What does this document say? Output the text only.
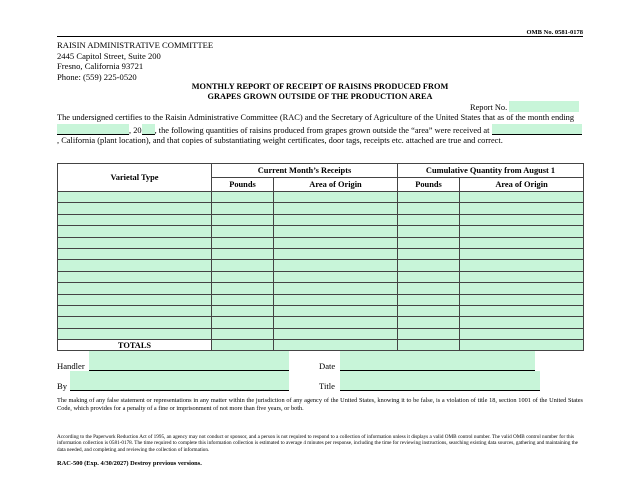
OMB No. 0581-0178
RAISIN ADMINISTRATIVE COMMITTEE
2445 Capitol Street, Suite 200
Fresno, California 93721
Phone: (559) 225-0520
MONTHLY REPORT OF RECEIPT OF RAISINS PRODUCED FROM
GRAPES GROWN OUTSIDE OF THE PRODUCTION AREA
Report No.
The undersigned certifies to the Raisin Administrative Committee (RAC) and the Secretary of Agriculture of the United States that as of the month ending , 20 , the following quantities of raisins produced from grapes grown outside the “area” were received at , California (plant location), and that copies of substantiating weight certificates, door tags, receipts etc. attached are true and correct.
Varietal Type	Current Month’s Receipts		Cumulative Quantity from August 1	
	Pounds	Area of Origin	Pounds	Area of Origin

TOTALS				
Handler	Date
By	Title
The making of any false statement or representations in any matter within the jurisdiction of any agency of the United States, knowing it to be false, is a violation of title 18, section 1001 of the United States Code, which provides for a penalty of a fine or imprisonment of not more than five years, or both.
According to the Paperwork Reduction Act of 1995, an agency may not conduct or sponsor, and a person is not required to respond to a collection of information unless it displays a valid OMB control number. The valid OMB control number for this information collection is 0581-0178. The time required to complete this information collection is estimated to average 4 minutes per response, including the time for reviewing instructions, searching existing data sources, gathering and maintaining the data needed, and completing and reviewing the collection of information.
RAC-500 (Exp. 4/30/2027) Destroy previous versions.
